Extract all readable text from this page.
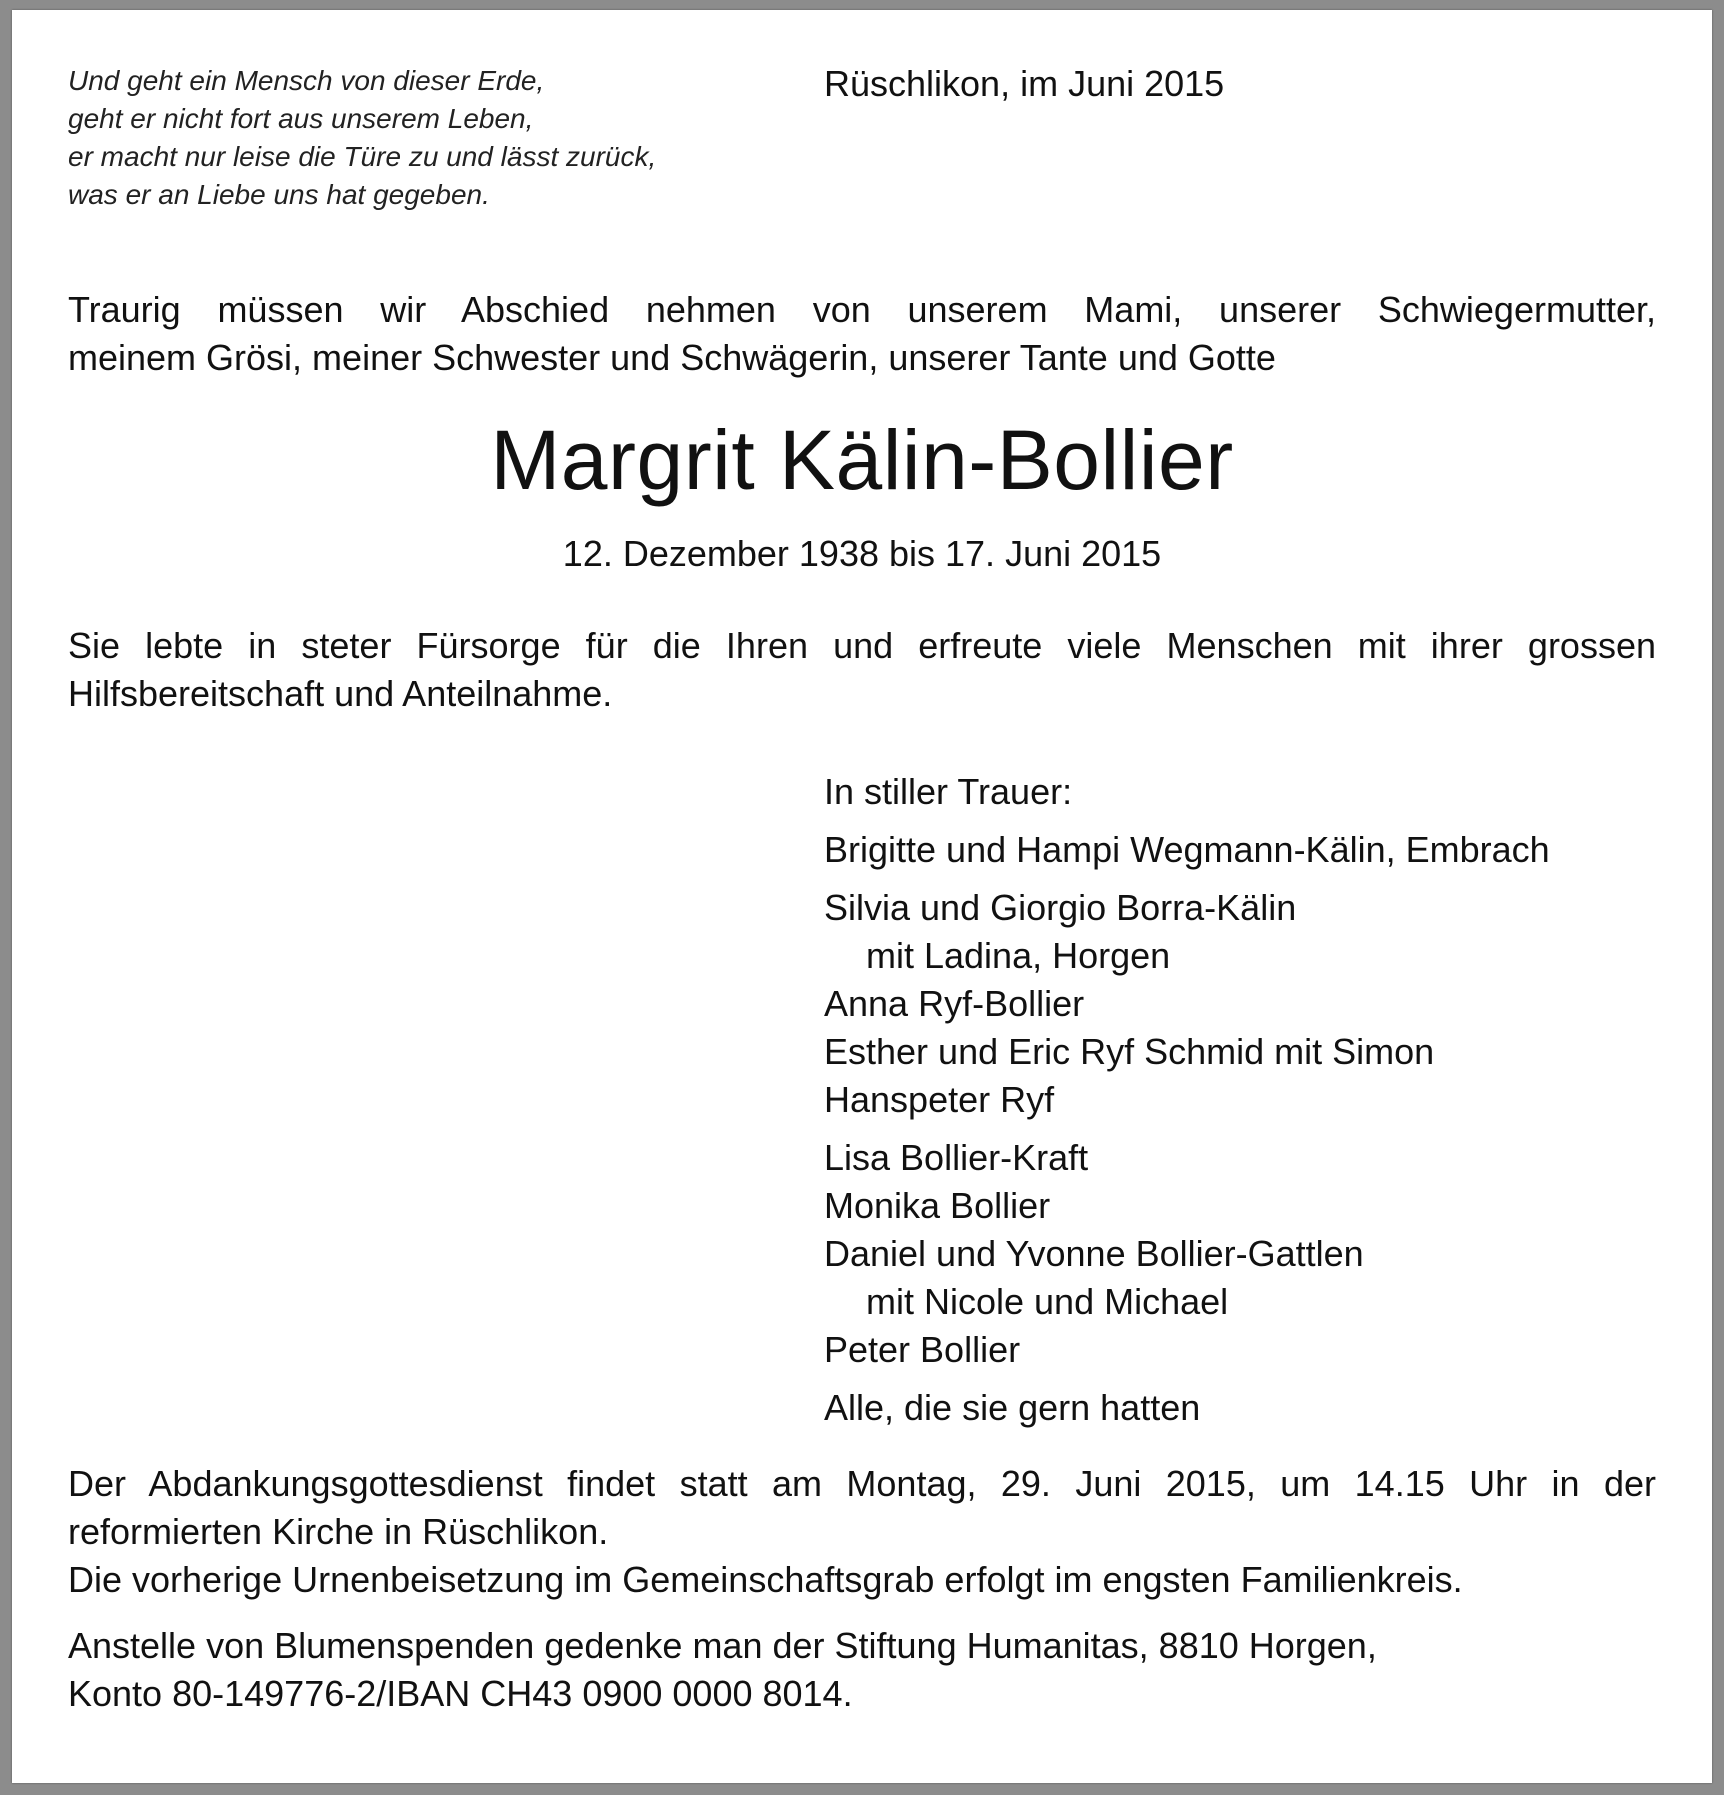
Und geht ein Mensch von dieser Erde,
geht er nicht fort aus unserem Leben,
er macht nur leise die Türe zu und lässt zurück,
was er an Liebe uns hat gegeben.
Rüschlikon, im Juni 2015
Traurig müssen wir Abschied nehmen von unserem Mami, unserer Schwiegermutter,
meinem Grösi, meiner Schwester und Schwägerin, unserer Tante und Gotte
Margrit Kälin-Bollier
12. Dezember 1938 bis 17. Juni 2015
Sie lebte in steter Fürsorge für die Ihren und erfreute viele Menschen mit ihrer grossen
Hilfsbereitschaft und Anteilnahme.
In stiller Trauer:
Brigitte und Hampi Wegmann-Kälin, Embrach
Silvia und Giorgio Borra-Kälin
mit Ladina, Horgen
Anna Ryf-Bollier
Esther und Eric Ryf Schmid mit Simon
Hanspeter Ryf
Lisa Bollier-Kraft
Monika Bollier
Daniel und Yvonne Bollier-Gattlen
mit Nicole und Michael
Peter Bollier
Alle, die sie gern hatten
Der Abdankungsgottesdienst findet statt am Montag, 29. Juni 2015, um 14.15 Uhr in der
reformierten Kirche in Rüschlikon.
Die vorherige Urnenbeisetzung im Gemeinschaftsgrab erfolgt im engsten Familienkreis.
Anstelle von Blumenspenden gedenke man der Stiftung Humanitas, 8810 Horgen,
Konto 80-149776-2/IBAN CH43 0900 0000 8014.
